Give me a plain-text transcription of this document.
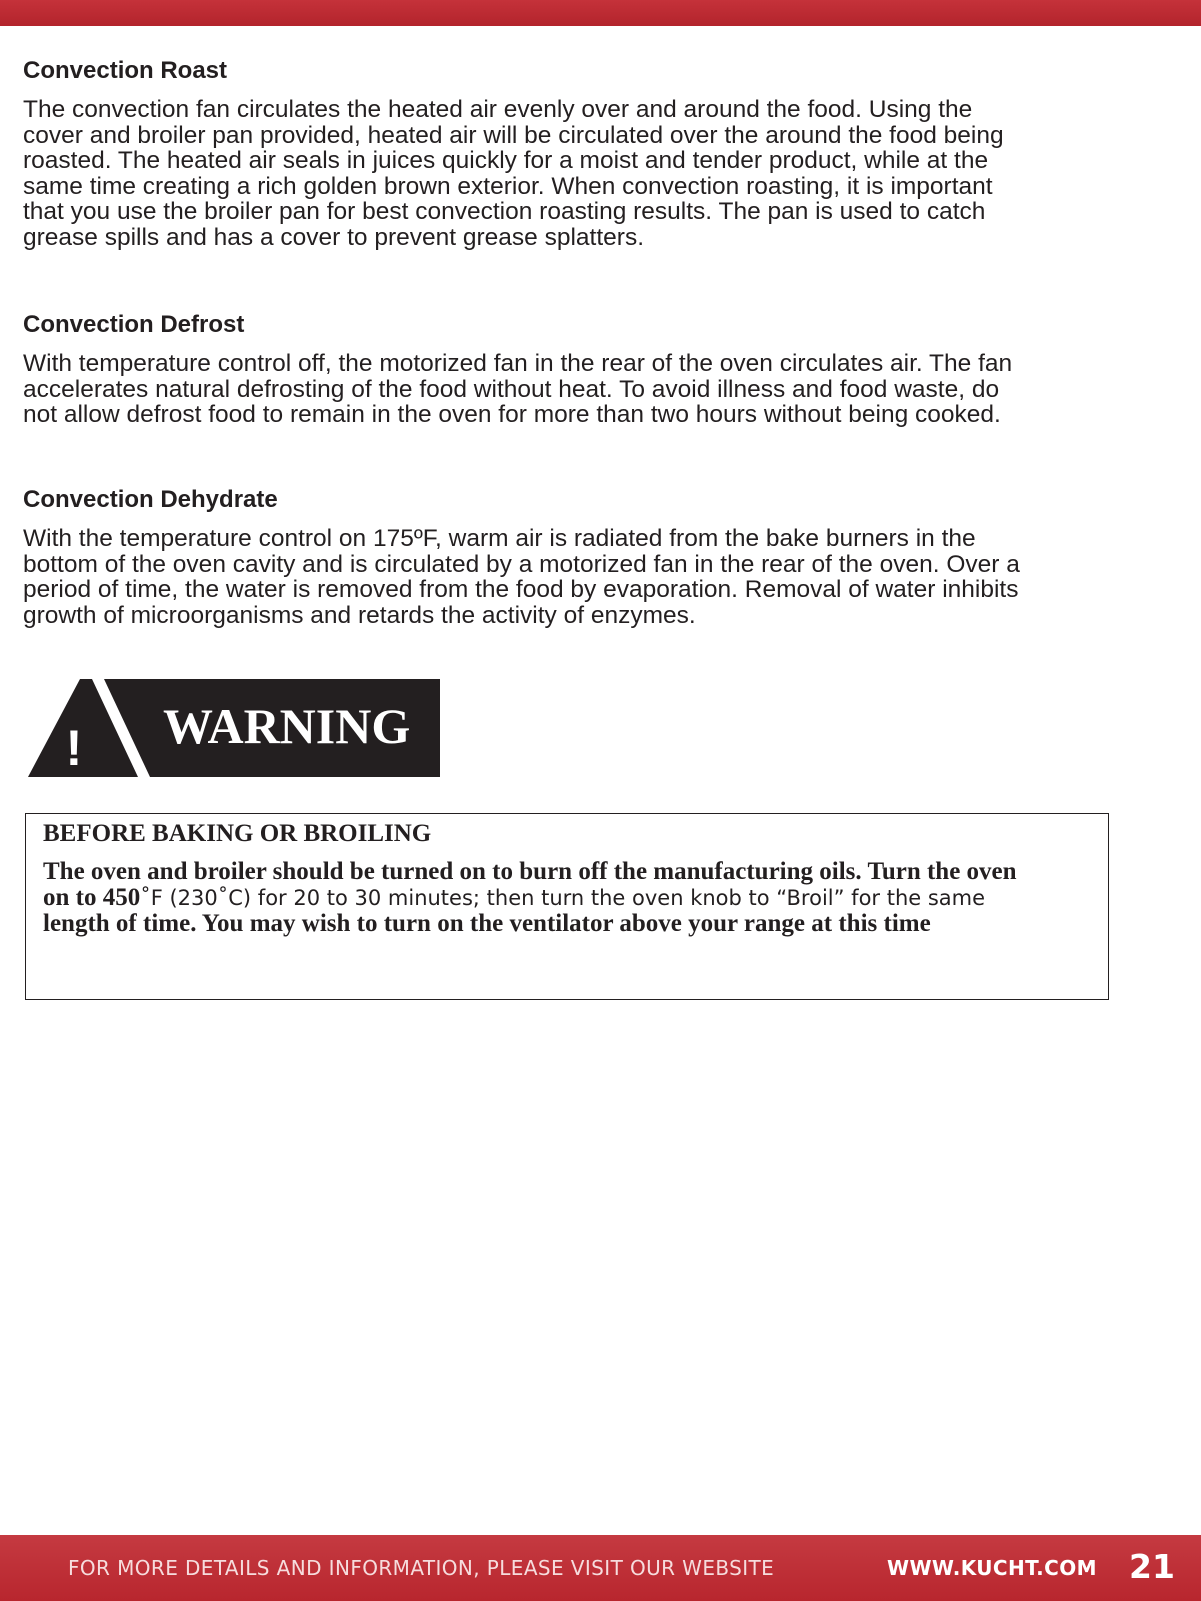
Convection Roast

The convection fan circulates the heated air evenly over and around the food. Using the
cover and broiler pan provided, heated air will be circulated over the around the food being
roasted. The heated air seals in juices quickly for a moist and tender product, while at the
same time creating a rich golden brown exterior. When convection roasting, it is important
that you use the broiler pan for best convection roasting results. The pan is used to catch
grease spills and has a cover to prevent grease splatters.

Convection Defrost

With temperature control off, the motorized fan in the rear of the oven circulates air. The fan
accelerates natural defrosting of the food without heat. To avoid illness and food waste, do
not allow defrost food to remain in the oven for more than two hours without being cooked.

Convection Dehydrate

With the temperature control on 175ºF, warm air is radiated from the bake burners in the
bottom of the oven cavity and is circulated by a motorized fan in the rear of the oven. Over a
period of time, the water is removed from the food by evaporation. Removal of water inhibits
growth of microorganisms and retards the activity of enzymes.

! WARNING
BEFORE BAKING OR BROILING
The oven and broiler should be turned on to burn off the manufacturing oils. Turn the oven
on to 450˚F (230˚C) for 20 to 30 minutes; then turn the oven knob to “Broil” for the same
length of time. You may wish to turn on the ventilator above your range at this time
FOR MORE DETAILS AND INFORMATION, PLEASE VISIT OUR WEBSITE	WWW.KUCHT.COM 21
